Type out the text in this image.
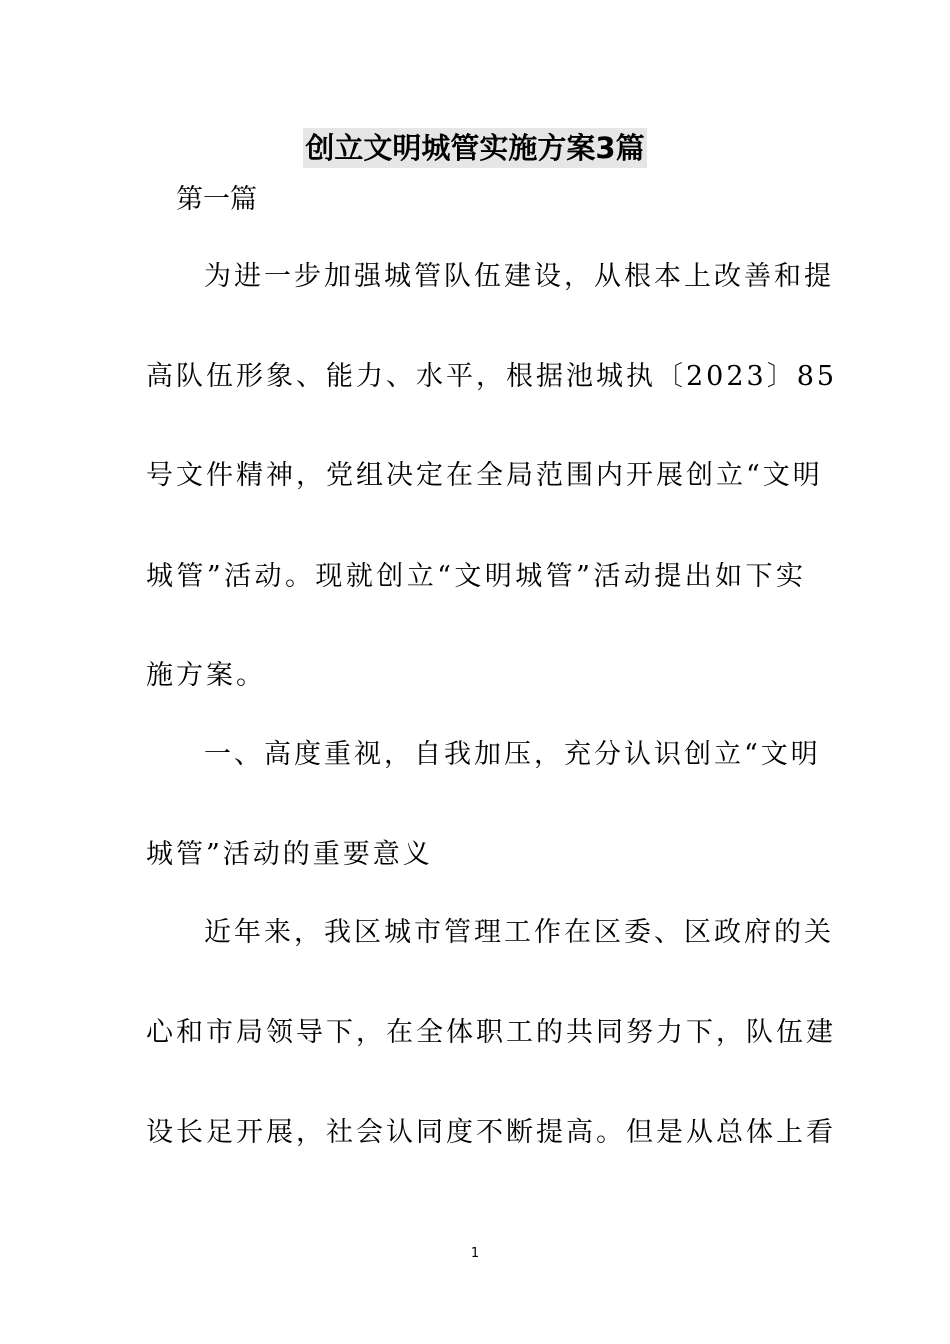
创立文明城管实施方案3篇
第一篇
为进一步加强城管队伍建设，从根本上改善和提
高队伍形象、能力、水平，根据池城执〔2023〕85
号文件精神，党组决定在全局范围内开展创立“文明
城管”活动。现就创立“文明城管”活动提出如下实
施方案。
一、高度重视，自我加压，充分认识创立“文明
城管”活动的重要意义
近年来，我区城市管理工作在区委、区政府的关
心和市局领导下，在全体职工的共同努力下，队伍建
设长足开展，社会认同度不断提高。但是从总体上看
1
